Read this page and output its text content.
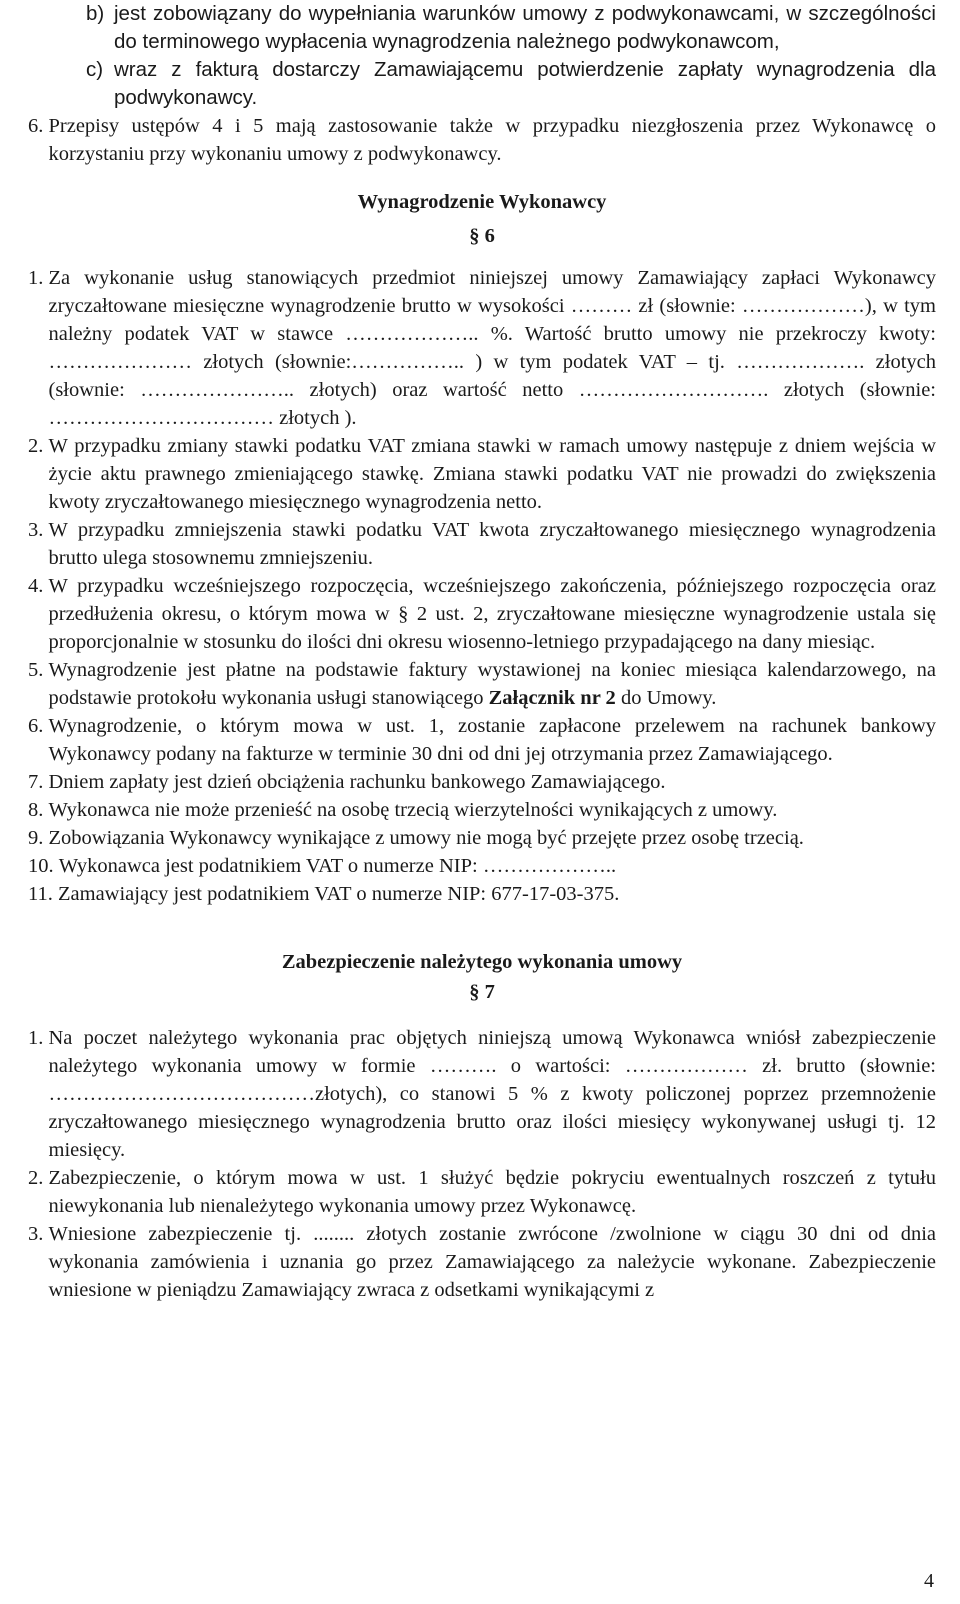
b) jest zobowiązany do wypełniania warunków umowy z podwykonawcami, w szczególności do terminowego wypłacenia wynagrodzenia należnego podwykonawcom,
c) wraz z fakturą dostarczy Zamawiającemu potwierdzenie zapłaty wynagrodzenia dla podwykonawcy.
6. Przepisy ustępów 4 i 5 mają zastosowanie także w przypadku niezgłoszenia przez Wykonawcę o korzystaniu przy wykonaniu umowy z podwykonawcy.
Wynagrodzenie Wykonawcy
§ 6
1. Za wykonanie usług stanowiących przedmiot niniejszej umowy Zamawiający zapłaci Wykonawcy zryczałtowane miesięczne wynagrodzenie brutto w wysokości ……… zł (słownie: ………………), w tym należny podatek VAT w stawce ……………….. %. Wartość brutto umowy nie przekroczy kwoty: ………………… złotych (słownie:…………….. ) w tym podatek VAT – tj. ………………. złotych (słownie: ………………….. złotych) oraz wartość netto ………………………. złotych (słownie: …………………………… złotych ).
2. W przypadku zmiany stawki podatku VAT zmiana stawki w ramach umowy następuje z dniem wejścia w życie aktu prawnego zmieniającego stawkę. Zmiana stawki podatku VAT nie prowadzi do zwiększenia kwoty zryczałtowanego miesięcznego wynagrodzenia netto.
3. W przypadku zmniejszenia stawki podatku VAT kwota zryczałtowanego miesięcznego wynagrodzenia brutto ulega stosownemu zmniejszeniu.
4. W przypadku wcześniejszego rozpoczęcia, wcześniejszego zakończenia, późniejszego rozpoczęcia oraz przedłużenia okresu, o którym mowa w § 2 ust. 2, zryczałtowane miesięczne wynagrodzenie ustala się proporcjonalnie w stosunku do ilości dni okresu wiosenno-letniego przypadającego na dany miesiąc.
5. Wynagrodzenie jest płatne na podstawie faktury wystawionej na koniec miesiąca kalendarzowego, na podstawie protokołu wykonania usługi stanowiącego Załącznik nr 2 do Umowy.
6. Wynagrodzenie, o którym mowa w ust. 1, zostanie zapłacone przelewem na rachunek bankowy Wykonawcy podany na fakturze w terminie 30 dni od dni jej otrzymania przez Zamawiającego.
7. Dniem zapłaty jest dzień obciążenia rachunku bankowego Zamawiającego.
8. Wykonawca nie może przenieść na osobę trzecią wierzytelności wynikających z umowy.
9. Zobowiązania Wykonawcy wynikające z umowy nie mogą być przejęte przez osobę trzecią.
10. Wykonawca jest podatnikiem VAT o numerze NIP: ………………..
11. Zamawiający jest podatnikiem VAT o numerze NIP: 677-17-03-375.
Zabezpieczenie należytego wykonania umowy
§ 7
1. Na poczet należytego wykonania prac objętych niniejszą umową Wykonawca wniósł zabezpieczenie należytego wykonania umowy w formie ………. o wartości: ……………… zł. brutto (słownie: …………………………………złotych), co stanowi 5 % z kwoty policzonej poprzez przemnożenie zryczałtowanego miesięcznego wynagrodzenia brutto oraz ilości miesięcy wykonywanej usługi tj. 12 miesięcy.
2. Zabezpieczenie, o którym mowa w ust. 1 służyć będzie pokryciu ewentualnych roszczeń z tytułu niewykonania lub nienależytego wykonania umowy przez Wykonawcę.
3. Wniesione zabezpieczenie tj. ........ złotych zostanie zwrócone /zwolnione w ciągu 30 dni od dnia wykonania zamówienia i uznania go przez Zamawiającego za należycie wykonane. Zabezpieczenie wniesione w pieniądzu Zamawiający zwraca z odsetkami wynikającymi z
4
